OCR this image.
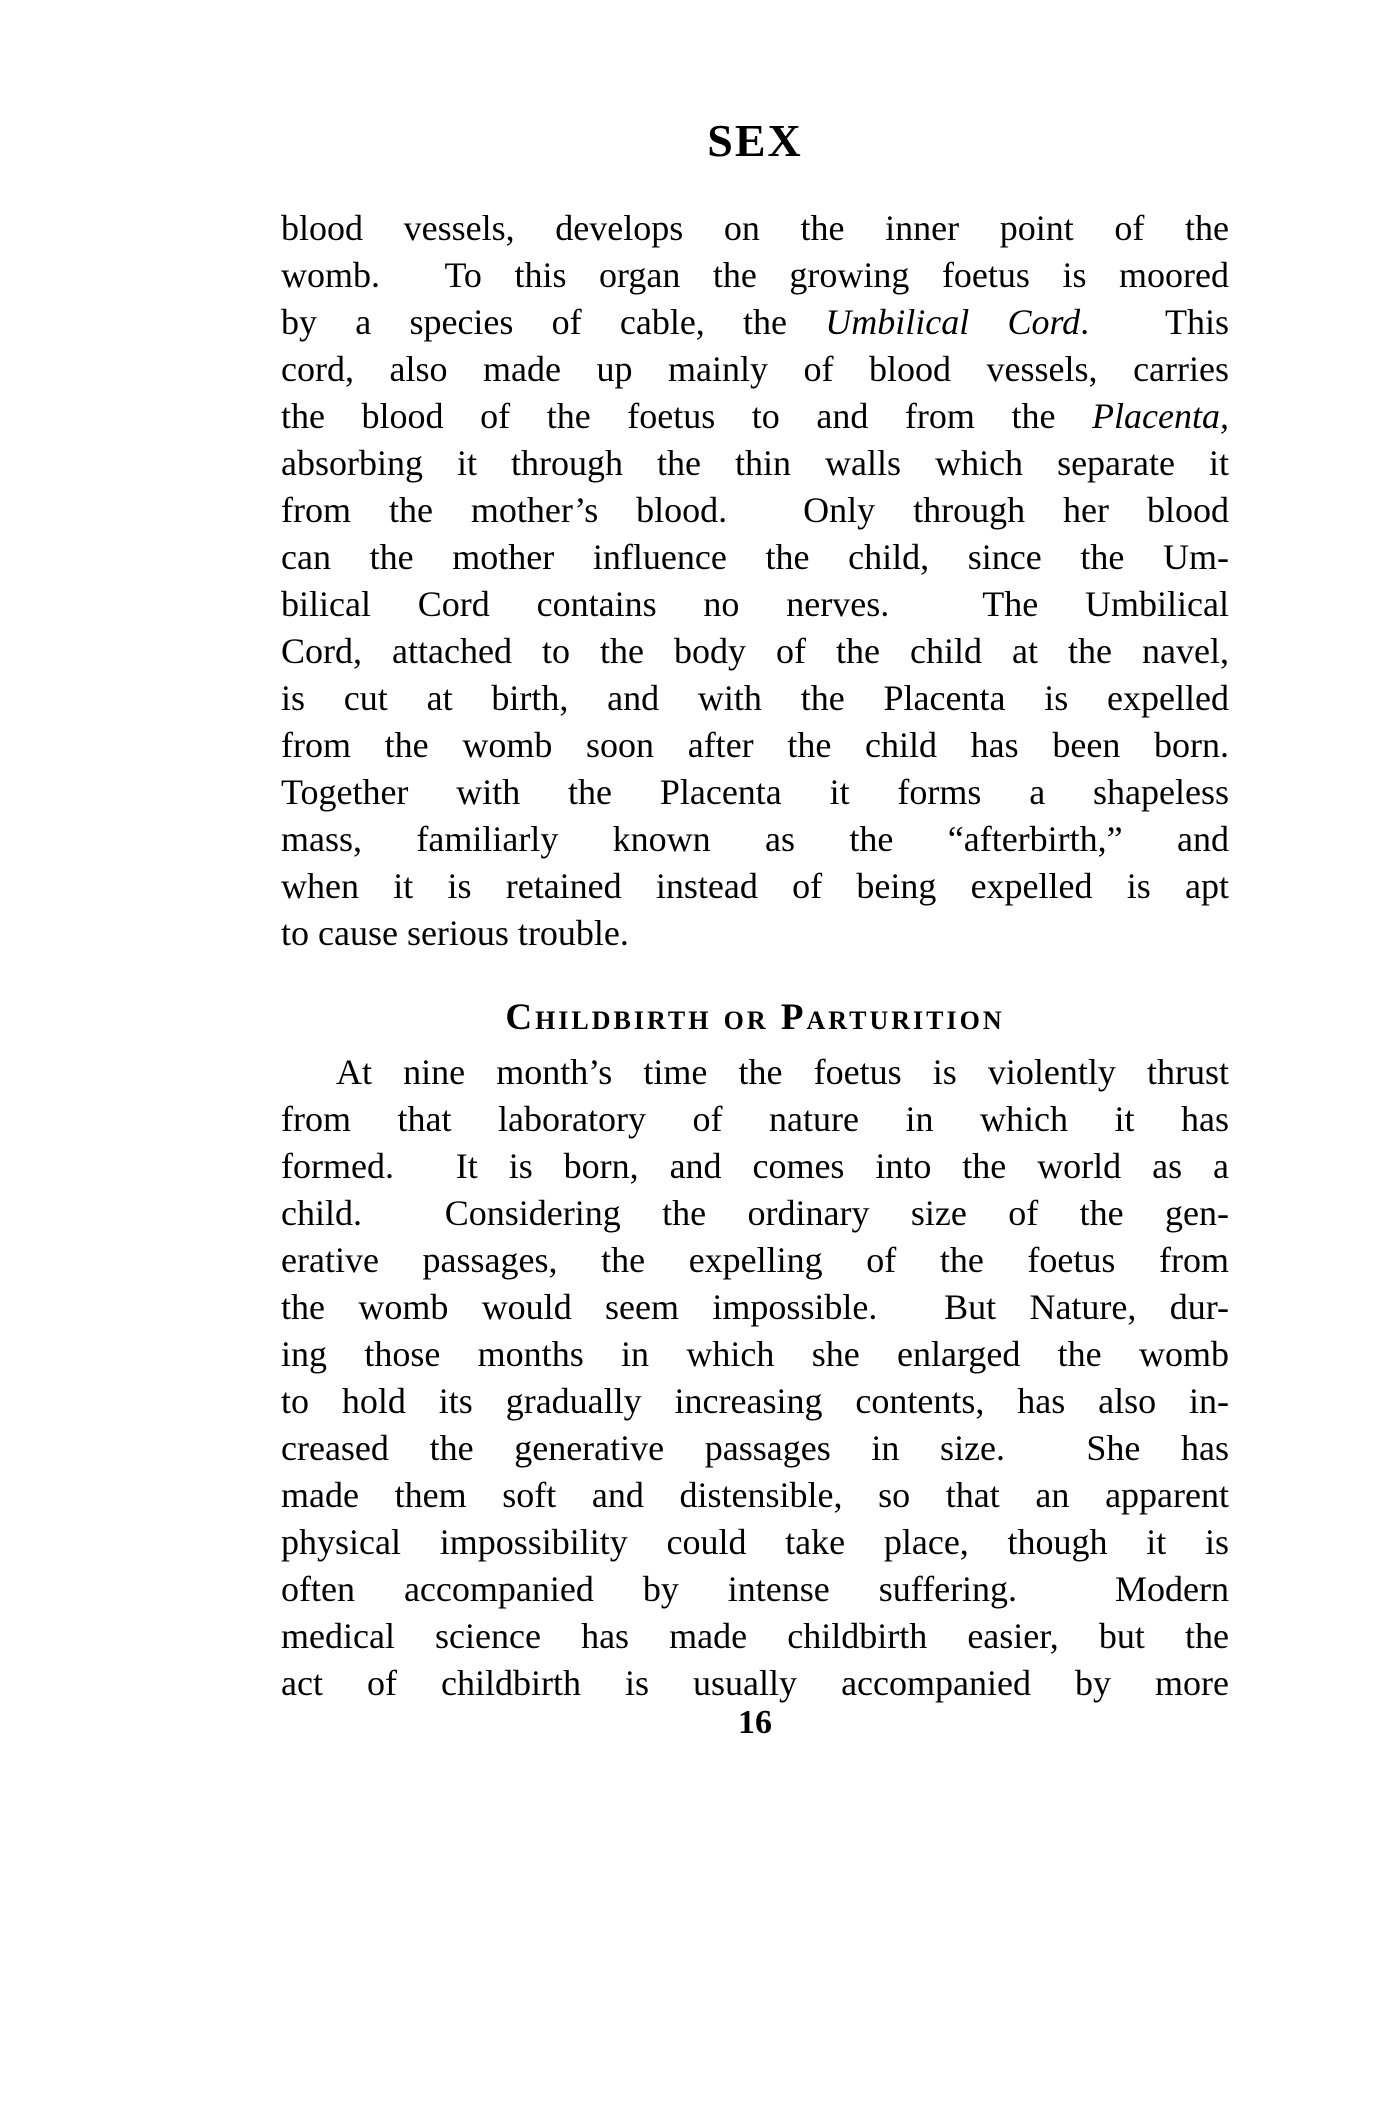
SEX
blood vessels, develops on the inner point of the
womb.  To this organ the growing foetus is moored
by a species of cable, the Umbilical Cord.  This
cord, also made up mainly of blood vessels, carries
the blood of the foetus to and from the Placenta,
absorbing it through the thin walls which separate it
from the mother’s blood.  Only through her blood
can the mother influence the child, since the Um-
bilical Cord contains no nerves.  The Umbilical
Cord, attached to the body of the child at the navel,
is cut at birth, and with the Placenta is expelled
from the womb soon after the child has been born.
Together with the Placenta it forms a shapeless
mass, familiarly known as the “afterbirth,” and
when it is retained instead of being expelled is apt
to cause serious trouble.
Childbirth or Parturition
At nine month’s time the foetus is violently thrust
from that laboratory of nature in which it has
formed.  It is born, and comes into the world as a
child.  Considering the ordinary size of the gen-
erative passages, the expelling of the foetus from
the womb would seem impossible.  But Nature, dur-
ing those months in which she enlarged the womb
to hold its gradually increasing contents, has also in-
creased the generative passages in size.  She has
made them soft and distensible, so that an apparent
physical impossibility could take place, though it is
often accompanied by intense suffering.  Modern
medical science has made childbirth easier, but the
act of childbirth is usually accompanied by more
16
